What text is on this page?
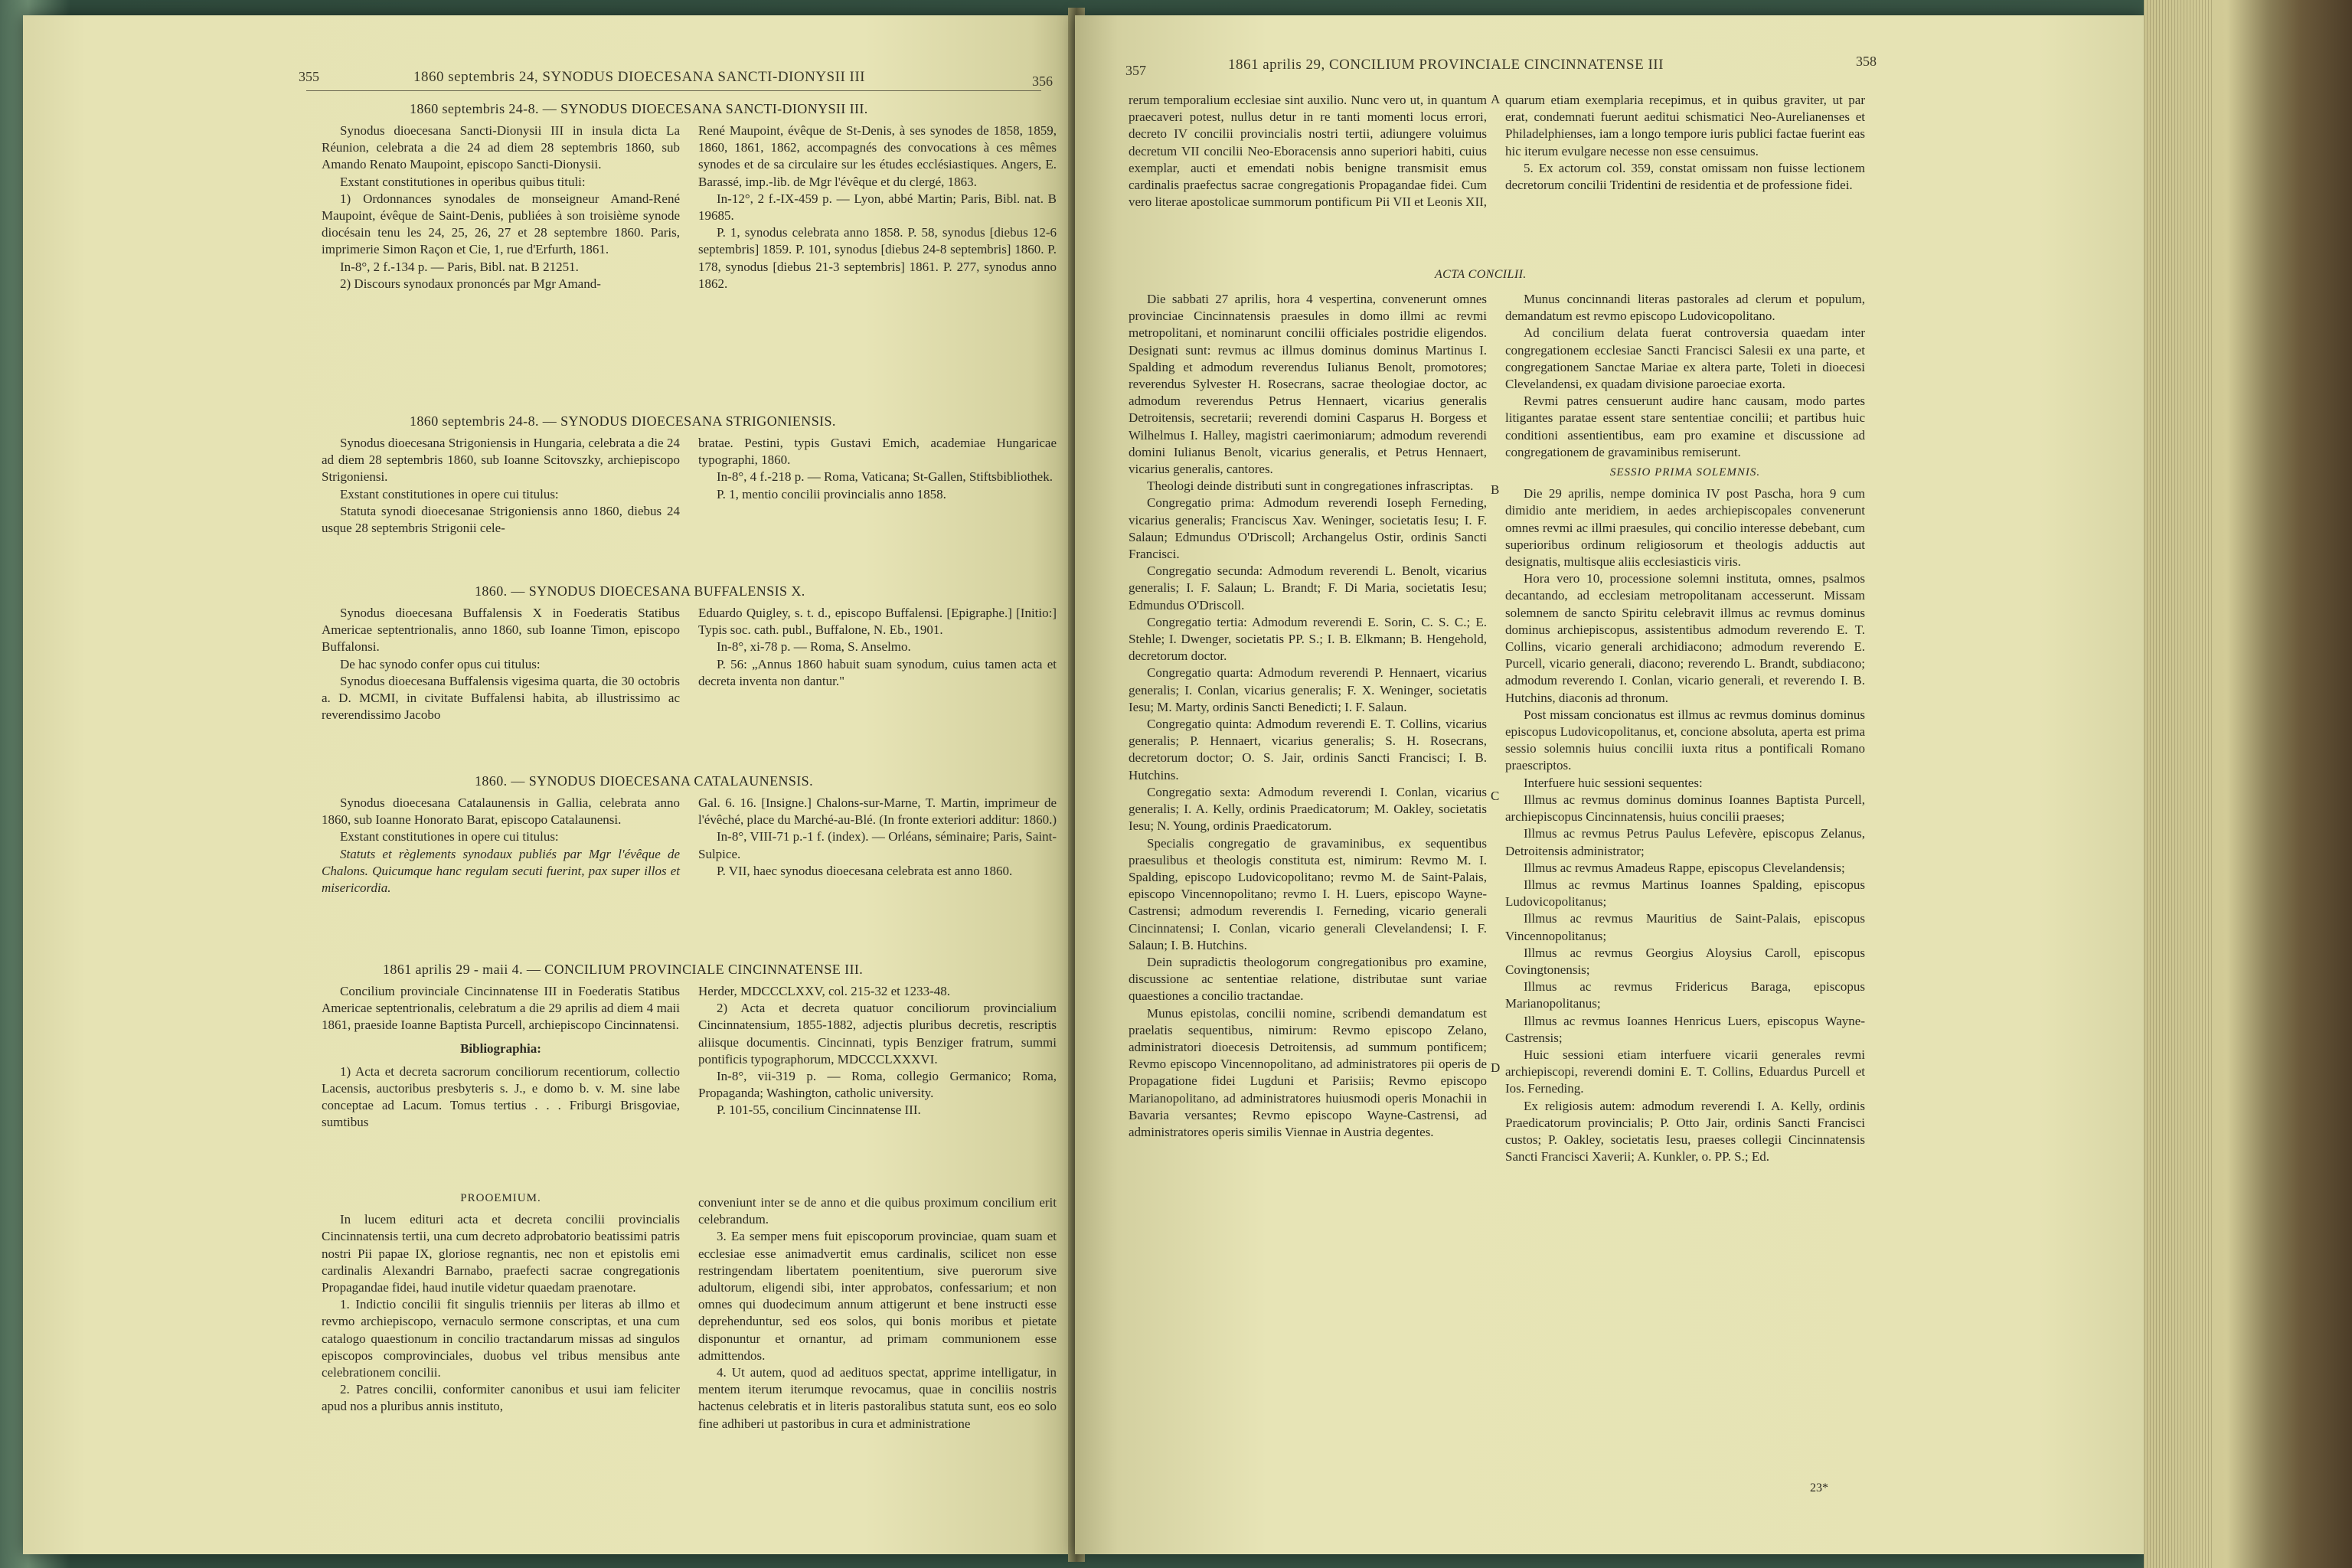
355	1860 septembris 24, SYNODUS DIOECESANA SANCTI-DIONYSII III	356
1860 septembris 24-8. — SYNODUS DIOECESANA SANCTI-DIONYSII III.

Synodus dioecesana Sancti-Dionysii III in insula dicta La Réunion, celebrata a die 24 ad diem 28 septembris 1860, sub Amando Renato Maupoint, episcopo Sancti-Dionysii.

Exstant constitutiones in operibus quibus tituli:

1) Ordonnances synodales de monseigneur Amand-René Maupoint, évêque de Saint-Denis, publiées à son troisième synode diocésain tenu les 24, 25, 26, 27 et 28 septembre 1860. Paris, imprimerie Simon Raçon et Cie, 1, rue d'Erfurth, 1861.

In-8°, 2 f.-134 p. — Paris, Bibl. nat. B 21251.

2) Discours synodaux prononcés par Mgr Amand-

René Maupoint, évêque de St-Denis, à ses synodes de 1858, 1859, 1860, 1861, 1862, accompagnés des convocations à ces mêmes synodes et de sa circulaire sur les études ecclésiastiques. Angers, E. Barassé, imp.-lib. de Mgr l'évêque et du clergé, 1863.

In-12°, 2 f.-IX-459 p. — Lyon, abbé Martin; Paris, Bibl. nat. B 19685.

P. 1, synodus celebrata anno 1858. P. 58, synodus [diebus 12-6 septembris] 1859. P. 101, synodus [diebus 24-8 septembris] 1860. P. 178, synodus [diebus 21-3 septembris] 1861. P. 277, synodus anno 1862.

1860 septembris 24-8. — SYNODUS DIOECESANA STRIGONIENSIS.

Synodus dioecesana Strigoniensis in Hungaria, celebrata a die 24 ad diem 28 septembris 1860, sub Ioanne Scitovszky, archiepiscopo Strigoniensi.

Exstant constitutiones in opere cui titulus:

Statuta synodi dioecesanae Strigoniensis anno 1860, diebus 24 usque 28 septembris Strigonii cele-

bratae. Pestini, typis Gustavi Emich, academiae Hungaricae typographi, 1860.

In-8°, 4 f.-218 p. — Roma, Vaticana; St-Gallen, Stiftsbibliothek.

P. 1, mentio concilii provincialis anno 1858.

1860. — SYNODUS DIOECESANA BUFFALENSIS X.

Synodus dioecesana Buffalensis X in Foederatis Statibus Americae septentrionalis, anno 1860, sub Ioanne Timon, episcopo Buffalonsi.

De hac synodo confer opus cui titulus:

Synodus dioecesana Buffalensis vigesima quarta, die 30 octobris a. D. MCMI, in civitate Buffalensi habita, ab illustrissimo ac reverendissimo Jacobo

Eduardo Quigley, s. t. d., episcopo Buffalensi. [Epigraphe.] [Initio:] Typis soc. cath. publ., Buffalone, N. Eb., 1901.

In-8°, xi-78 p. — Roma, S. Anselmo.

P. 56: „Annus 1860 habuit suam synodum, cuius tamen acta et decreta inventa non dantur."

1860. — SYNODUS DIOECESANA CATALAUNENSIS.

Synodus dioecesana Catalaunensis in Gallia, celebrata anno 1860, sub Ioanne Honorato Barat, episcopo Catalaunensi.

Exstant constitutiones in opere cui titulus:

Statuts et règlements synodaux publiés par Mgr l'évêque de Chalons. Quicumque hanc regulam secuti fuerint, pax super illos et misericordia.

Gal. 6. 16. [Insigne.] Chalons-sur-Marne, T. Martin, imprimeur de l'évêché, place du Marché-au-Blé. (In fronte exteriori additur: 1860.)

In-8°, VIII-71 p.-1 f. (index). — Orléans, séminaire; Paris, Saint-Sulpice.

P. VII, haec synodus dioecesana celebrata est anno 1860.

1861 aprilis 29 - maii 4. — CONCILIUM PROVINCIALE CINCINNATENSE III.

Concilium provinciale Cincinnatense III in Foederatis Statibus Americae septentrionalis, celebratum a die 29 aprilis ad diem 4 maii 1861, praeside Ioanne Baptista Purcell, archiepiscopo Cincinnatensi.

Bibliographia:

1) Acta et decreta sacrorum conciliorum recentiorum, collectio Lacensis, auctoribus presbyteris s. J., e domo b. v. M. sine labe conceptae ad Lacum. Tomus tertius . . . Friburgi Brisgoviae, sumtibus

Herder, MDCCCLXXV, col. 215-32 et 1233-48.

2) Acta et decreta quatuor conciliorum provincialium Cincinnatensium, 1855-1882, adjectis pluribus decretis, rescriptis aliisque documentis. Cincinnati, typis Benziger fratrum, summi pontificis typographorum, MDCCCLXXXVI.

In-8°, vii-319 p. — Roma, collegio Germanico; Roma, Propaganda; Washington, catholic university.

P. 101-55, concilium Cincinnatense III.

PROOEMIUM.

In lucem edituri acta et decreta concilii provincialis Cincinnatensis tertii, una cum decreto adprobatorio beatissimi patris nostri Pii papae IX, gloriose regnantis, nec non et epistolis emi cardinalis Alexandri Barnabo, praefecti sacrae congregationis Propagandae fidei, haud inutile videtur quaedam praenotare.

1. Indictio concilii fit singulis trienniis per literas ab illmo et revmo archiepiscopo, vernaculo sermone conscriptas, et una cum catalogo quaestionum in concilio tractandarum missas ad singulos episcopos comprovinciales, duobus vel tribus mensibus ante celebrationem concilii.

2. Patres concilii, conformiter canonibus et usui iam feliciter apud nos a pluribus annis instituto,

conveniunt inter se de anno et die quibus proximum concilium erit celebrandum.

3. Ea semper mens fuit episcoporum provinciae, quam suam et ecclesiae esse animadvertit emus cardinalis, scilicet non esse restringendam libertatem poenitentium, sive puerorum sive adultorum, eligendi sibi, inter approbatos, confessarium; et non omnes qui duodecimum annum attigerunt et bene instructi esse deprehenduntur, sed eos solos, qui bonis moribus et pietate disponuntur et ornantur, ad primam communionem esse admittendos.

4. Ut autem, quod ad aedituos spectat, apprime intelligatur, in mentem iterum iterumque revocamus, quae in conciliis nostris hactenus celebratis et in literis pastoralibus statuta sunt, eos eo solo fine adhiberi ut pastoribus in cura et administratione

357	1861 aprilis 29, CONCILIUM PROVINCIALE CINCINNATENSE III	358

rerum temporalium ecclesiae sint auxilio. Nunc vero ut, in quantum praecaveri potest, nullus detur in re tanti momenti locus errori, decreto IV concilii provincialis nostri tertii, adiungere voluimus decretum VII concilii Neo-Eboracensis anno superiori habiti, cuius exemplar, aucti et emendati nobis benigne transmisit emus cardinalis praefectus sacrae congregationis Propagandae fidei. Cum vero literae apostolicae summorum pontificum Pii VII et Leonis XII,

A quarum etiam exemplaria recepimus, et in quibus graviter, ut par erat, condemnati fuerunt aeditui schismatici Neo-Aurelianenses et Philadelphienses, iam a longo tempore iuris publici factae fuerint eas hic iterum evulgare necesse non esse censuimus.

5. Ex actorum col. 359, constat omissam non fuisse lectionem decretorum concilii Tridentini de residentia et de professione fidei.

ACTA CONCILII.

Die sabbati 27 aprilis, hora 4 vespertina, convenerunt omnes provinciae Cincinnatensis praesules in domo illmi ac revmi metropolitani, et nominarunt concilii officiales postridie eligendos. Designati sunt: revmus ac illmus dominus dominus Martinus I. Spalding et admodum reverendus Iulianus Benolt, promotores; reverendus Sylvester H. Rosecrans, sacrae theologiae doctor, ac admodum reverendus Petrus Hennaert, vicarius generalis Detroitensis, secretarii; reverendi domini Casparus H. Borgess et Wilhelmus I. Halley, magistri caerimoniarum; admodum reverendi domini Iulianus Benolt, vicarius generalis, et Petrus Hennaert, vicarius generalis, cantores.

Theologi deinde distributi sunt in congregationes infrascriptas.

Congregatio prima: Admodum reverendi Ioseph Ferneding, vicarius generalis; Franciscus Xav. Weninger, societatis Iesu; I. F. Salaun; Edmundus O'Driscoll; Archangelus Ostir, ordinis Sancti Francisci.

Congregatio secunda: Admodum reverendi L. Benolt, vicarius generalis; I. F. Salaun; L. Brandt; F. Di Maria, societatis Iesu; Edmundus O'Driscoll.

Congregatio tertia: Admodum reverendi E. Sorin, C. S. C.; E. Stehle; I. Dwenger, societatis PP. S.; I. B. Elkmann; B. Hengehold, decretorum doctor.

Congregatio quarta: Admodum reverendi P. Hennaert, vicarius generalis; I. Conlan, vicarius generalis; F. X. Weninger, societatis Iesu; M. Marty, ordinis Sancti Benedicti; I. F. Salaun.

Congregatio quinta: Admodum reverendi E. T. Collins, vicarius generalis; P. Hennaert, vicarius generalis; S. H. Rosecrans, decretorum doctor; O. S. Jair, ordinis Sancti Francisci; I. B. Hutchins.

Congregatio sexta: Admodum reverendi I. Conlan, vicarius generalis; I. A. Kelly, ordinis Praedicatorum; M. Oakley, societatis Iesu; N. Young, ordinis Praedicatorum.

Specialis congregatio de gravaminibus, ex sequentibus praesulibus et theologis constituta est, nimirum: Revmo M. I. Spalding, episcopo Ludovicopolitano; revmo M. de Saint-Palais, episcopo Vincennopolitano; revmo I. H. Luers, episcopo Wayne-Castrensi; admodum reverendis I. Ferneding, vicario generali Cincinnatensi; I. Conlan, vicario generali Clevelandensi; I. F. Salaun; I. B. Hutchins.

Dein supradictis theologorum congregationibus pro examine, discussione ac sententiae relatione, distributae sunt variae quaestiones a concilio tractandae.

Munus epistolas, concilii nomine, scribendi demandatum est praelatis sequentibus, nimirum: Revmo episcopo Zelano, administratori dioecesis Detroitensis, ad summum pontificem; Revmo episcopo Vincennopolitano, ad administratores pii operis de Propagatione fidei Lugduni et Parisiis; Revmo episcopo Marianopolitano, ad administratores huiusmodi operis Monachii in Bavaria versantes; Revmo episcopo Wayne-Castrensi, ad administratores operis similis Viennae in Austria degentes.

B
C
D

Munus concinnandi literas pastorales ad clerum et populum, demandatum est revmo episcopo Ludovicopolitano.

Ad concilium delata fuerat controversia quaedam inter congregationem ecclesiae Sancti Francisci Salesii ex una parte, et congregationem Sanctae Mariae ex altera parte, Toleti in dioecesi Clevelandensi, ex quadam divisione paroeciae exorta.

Revmi patres censuerunt audire hanc causam, modo partes litigantes paratae essent stare sententiae concilii; et partibus huic conditioni assentientibus, eam pro examine et discussione ad congregationem de gravaminibus remiserunt.

SESSIO PRIMA SOLEMNIS.

Die 29 aprilis, nempe dominica IV post Pascha, hora 9 cum dimidio ante meridiem, in aedes archiepiscopales convenerunt omnes revmi ac illmi praesules, qui concilio interesse debebant, cum superioribus ordinum religiosorum et theologis adductis aut designatis, multisque aliis ecclesiasticis viris.

Hora vero 10, processione solemni instituta, omnes, psalmos decantando, ad ecclesiam metropolitanam accesserunt. Missam solemnem de sancto Spiritu celebravit illmus ac revmus dominus dominus archiepiscopus, assistentibus admodum reverendo E. T. Collins, vicario generali archidiacono; admodum reverendo E. Purcell, vicario generali, diacono; reverendo L. Brandt, subdiacono; admodum reverendo I. Conlan, vicario generali, et reverendo I. B. Hutchins, diaconis ad thronum.

Post missam concionatus est illmus ac revmus dominus dominus episcopus Ludovicopolitanus, et, concione absoluta, aperta est prima sessio solemnis huius concilii iuxta ritus a pontificali Romano praescriptos.

Interfuere huic sessioni sequentes:

Illmus ac revmus dominus dominus Ioannes Baptista Purcell, archiepiscopus Cincinnatensis, huius concilii praeses;

Illmus ac revmus Petrus Paulus Lefevère, episcopus Zelanus, Detroitensis administrator;

Illmus ac revmus Amadeus Rappe, episcopus Clevelandensis;

Illmus ac revmus Martinus Ioannes Spalding, episcopus Ludovicopolitanus;

Illmus ac revmus Mauritius de Saint-Palais, episcopus Vincennopolitanus;

Illmus ac revmus Georgius Aloysius Caroll, episcopus Covingtonensis;

Illmus ac revmus Fridericus Baraga, episcopus Marianopolitanus;

Illmus ac revmus Ioannes Henricus Luers, episcopus Wayne-Castrensis;

Huic sessioni etiam interfuere vicarii generales revmi archiepiscopi, reverendi domini E. T. Collins, Eduardus Purcell et Ios. Ferneding.

Ex religiosis autem: admodum reverendi I. A. Kelly, ordinis Praedicatorum provincialis; P. Otto Jair, ordinis Sancti Francisci custos; P. Oakley, societatis Iesu, praeses collegii Cincinnatensis Sancti Francisci Xaverii; A. Kunkler, o. PP. S.; Ed.

23*
